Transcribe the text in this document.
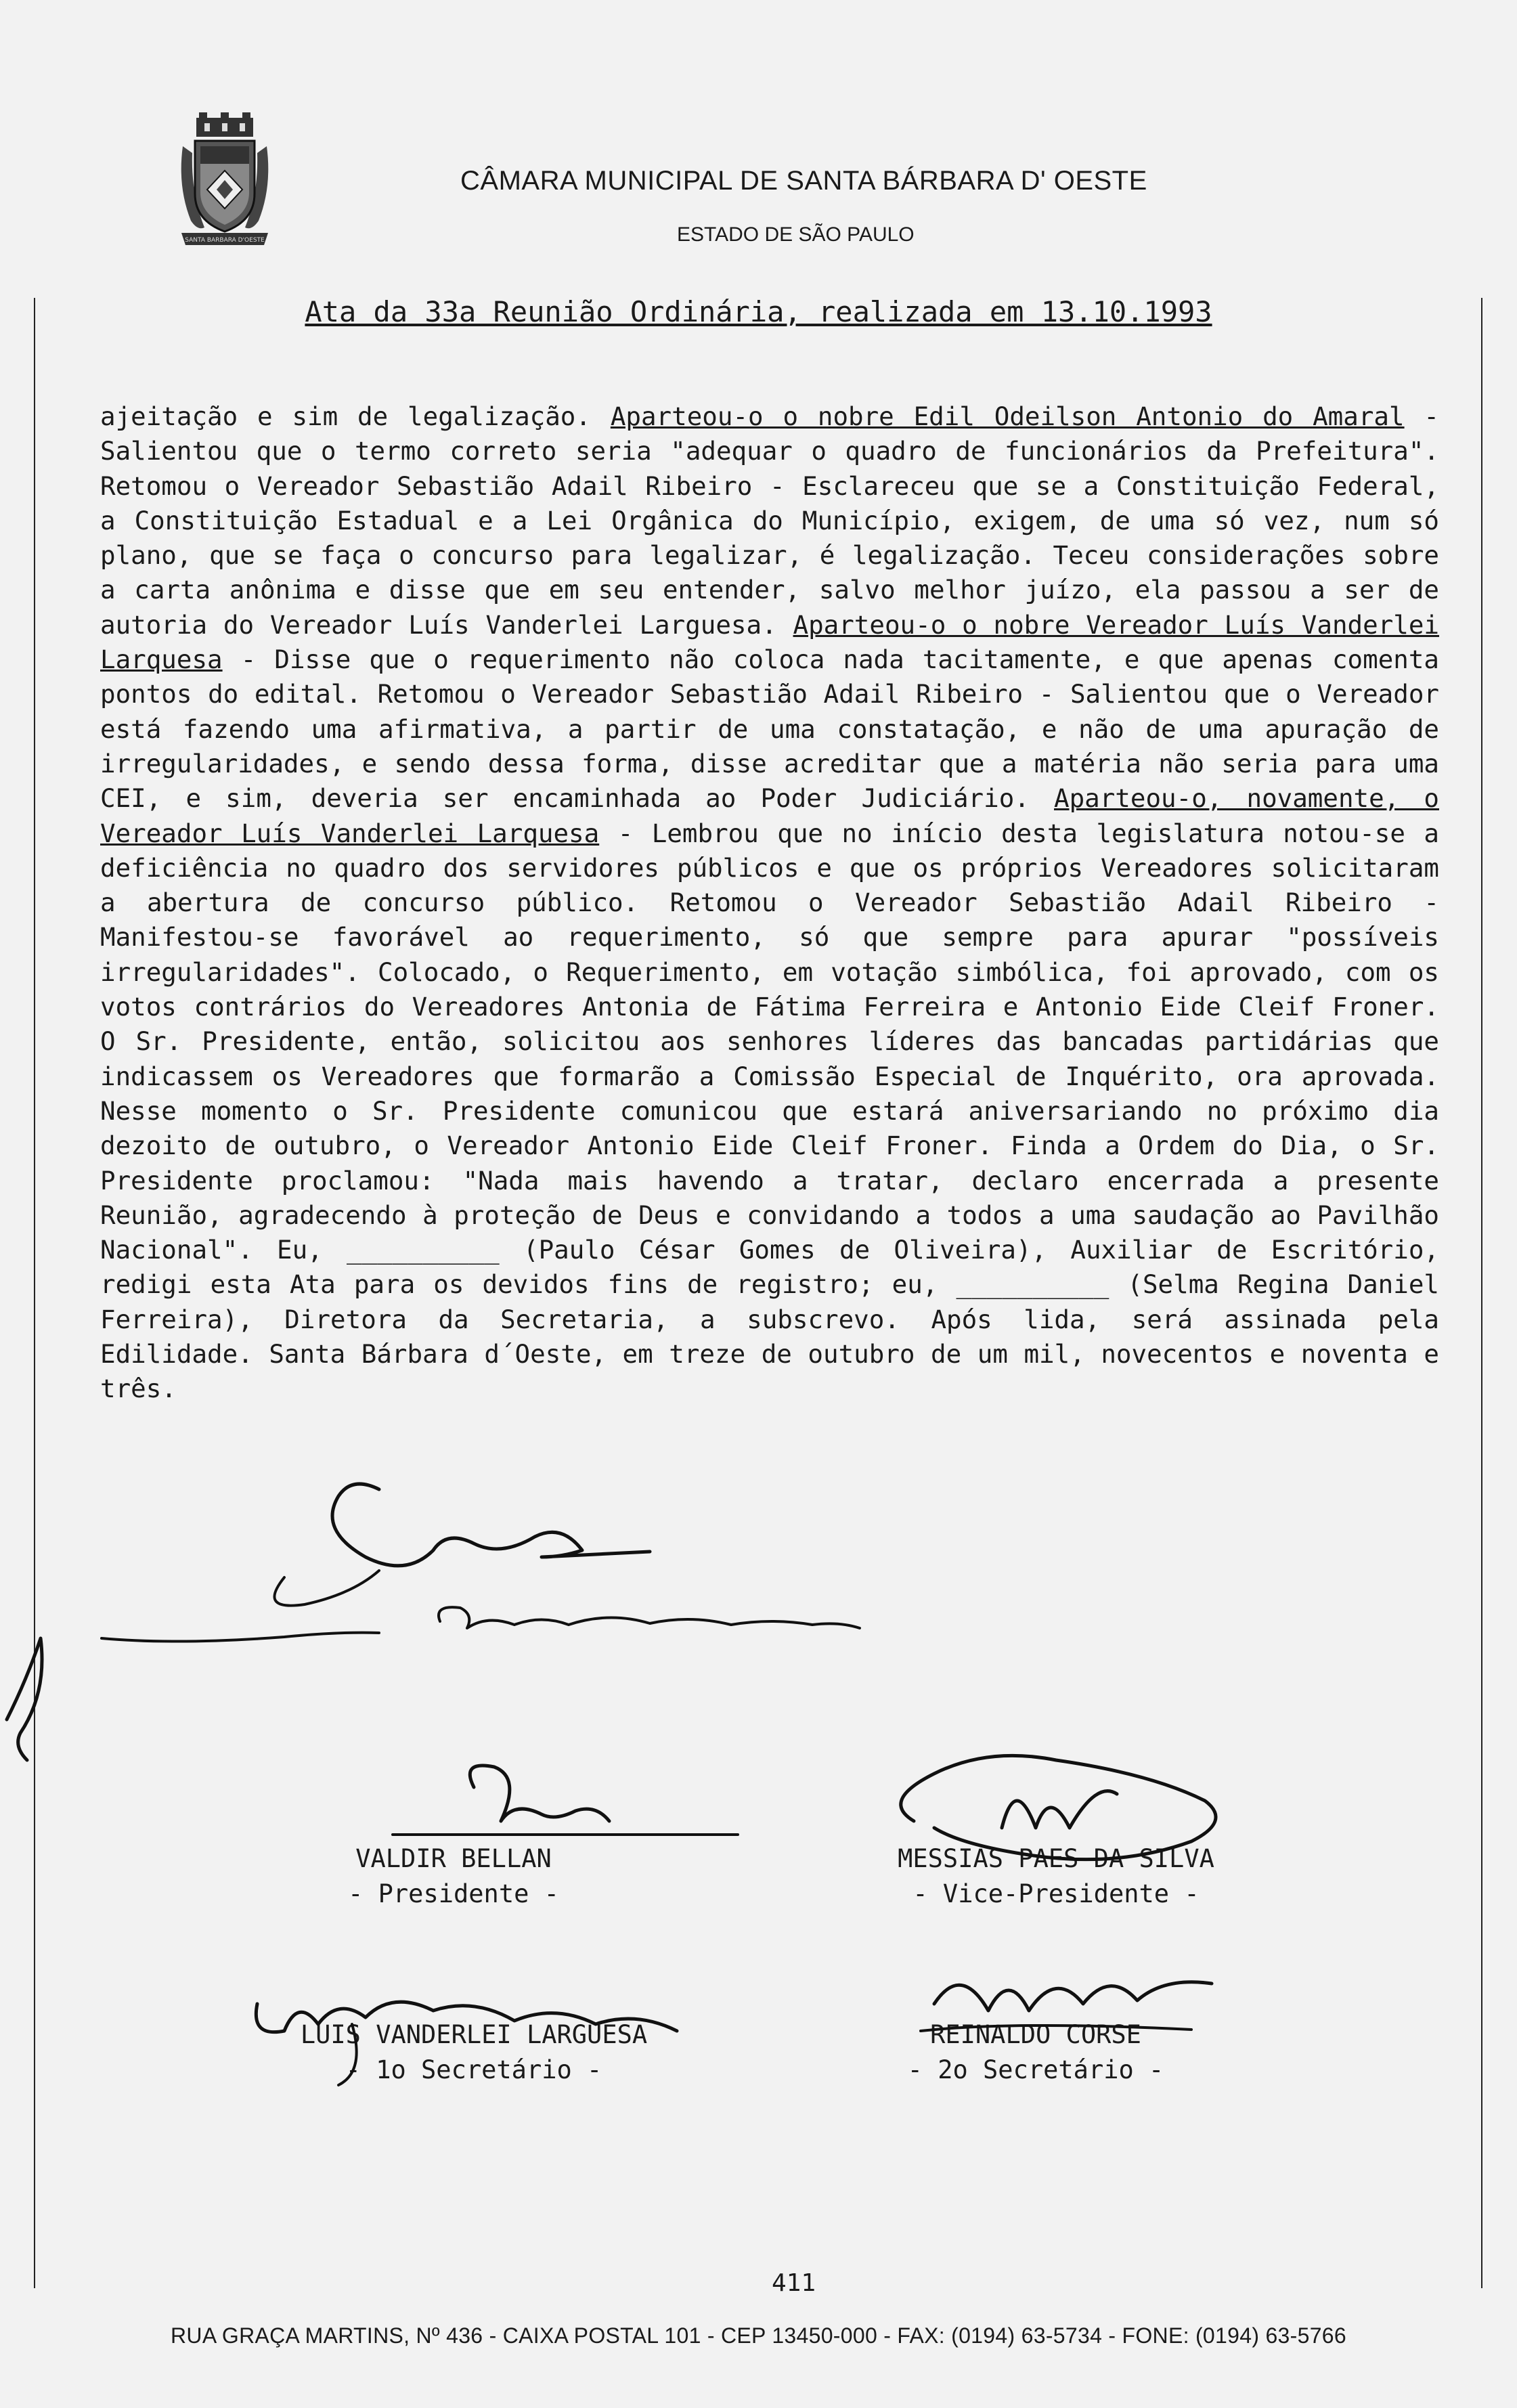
SANTA BARBARA D'OESTE
CÂMARA MUNICIPAL DE SANTA BÁRBARA D' OESTE
ESTADO DE SÃO PAULO
Ata da 33a Reunião Ordinária, realizada em 13.10.1993

ajeitação e sim de legalização. Aparteou-o o nobre Edil Odeilson Antonio do Amaral - Salientou que o termo correto seria "adequar o quadro de funcionários da Prefeitura". Retomou o Vereador Sebastião Adail Ribeiro - Esclareceu que se a Constituição Federal, a Constituição Estadual e a Lei Orgânica do Município, exigem, de uma só vez, num só plano, que se faça o concurso para legalizar, é legalização. Teceu considerações sobre a carta anônima e disse que em seu entender, salvo melhor juízo, ela passou a ser de autoria do Vereador Luís Vanderlei Larguesa. Aparteou-o o nobre Vereador Luís Vanderlei Larquesa - Disse que o requerimento não coloca nada tacitamente, e que apenas comenta pontos do edital. Retomou o Vereador Sebastião Adail Ribeiro - Salientou que o Vereador está fazendo uma afirmativa, a partir de uma constatação, e não de uma apuração de irregularidades, e sendo dessa forma, disse acreditar que a matéria não seria para uma CEI, e sim, deveria ser encaminhada ao Poder Judiciário. Aparteou-o, novamente, o Vereador Luís Vanderlei Larquesa - Lembrou que no início desta legislatura notou-se a deficiência no quadro dos servidores públicos e que os próprios Vereadores solicitaram a abertura de concurso público. Retomou o Vereador Sebastião Adail Ribeiro - Manifestou-se favorável ao requerimento, só que sempre para apurar "possíveis irregularidades". Colocado, o Requerimento, em votação simbólica, foi aprovado, com os votos contrários do Vereadores Antonia de Fátima Ferreira e Antonio Eide Cleif Froner. O Sr. Presidente, então, solicitou aos senhores líderes das bancadas partidárias que indicassem os Vereadores que formarão a Comissão Especial de Inquérito, ora aprovada. Nesse momento o Sr. Presidente comunicou que estará aniversariando no próximo dia dezoito de outubro, o Vereador Antonio Eide Cleif Froner. Finda a Ordem do Dia, o Sr. Presidente proclamou: "Nada mais havendo a tratar, declaro encerrada a presente Reunião, agradecendo à proteção de Deus e convidando a todos a uma saudação ao Pavilhão Nacional". Eu, __________ (Paulo César Gomes de Oliveira), Auxiliar de Escritório, redigi esta Ata para os devidos fins de registro; eu, __________ (Selma Regina Daniel Ferreira), Diretora da Secretaria, a subscrevo. Após lida, será assinada pela Edilidade. Santa Bárbara d´Oeste, em treze de outubro de um mil, novecentos e noventa e três.

VALDIR BELLAN
- Presidente -
MESSIAS PAES DA SILVA
- Vice-Presidente -
LUIS VANDERLEI LARGUESA
- 1o Secretário -
REINALDO CORSE
- 2o Secretário -
411
RUA GRAÇA MARTINS, Nº 436 - CAIXA POSTAL 101 - CEP 13450-000 - FAX: (0194) 63-5734 - FONE: (0194) 63-5766
